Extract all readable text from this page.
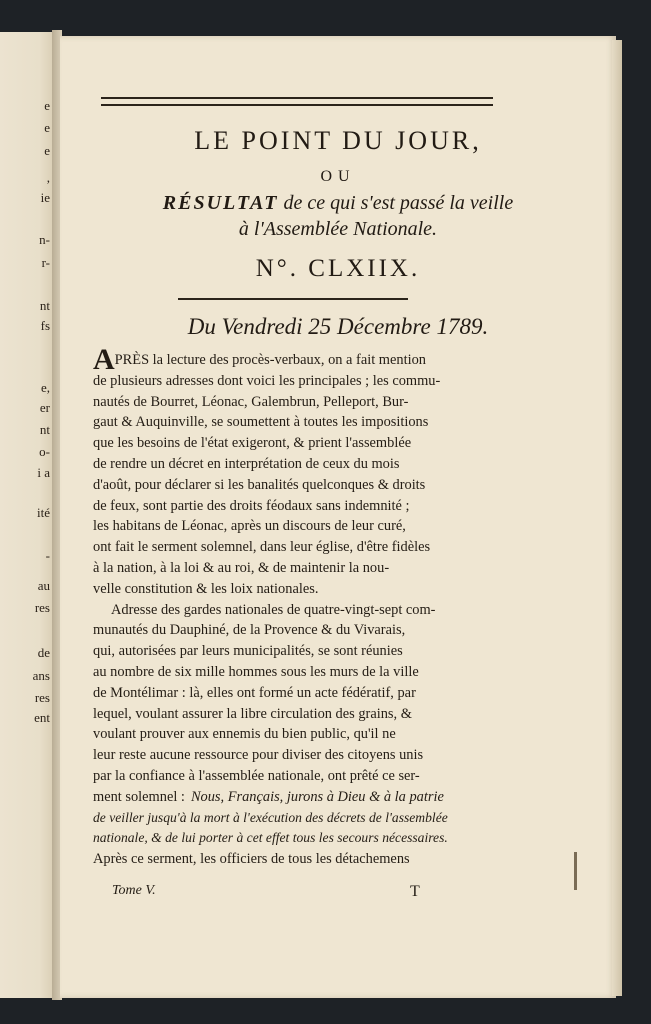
e
e
e
,
ie
n-
r-
nt
fs
e,
er
nt
o-
i a
ité
-
au
res
de
ans
res
ent
LE POINT DU JOUR,
OU
RÉSULTAT de ce qui s'est passé la veille
à l'Assemblée Nationale.
N°. CLXIIX.
Du Vendredi 25 Décembre 1789.
A PRÈS la lecture des procès-verbaux, on a fait mention
de plusieurs adresses dont voici les principales ; les commu-
nautés de Bourret, Léonac, Galembrun, Pelleport, Bur-
gaut & Auquinville, se soumettent à toutes les impositions
que les besoins de l'état exigeront, & prient l'assemblée
de rendre un décret en interprétation de ceux du mois
d'août, pour déclarer si les banalités quelconques & droits
de feux, sont partie des droits féodaux sans indemnité ;
les habitans de Léonac, après un discours de leur curé,
ont fait le serment solemnel, dans leur église, d'être fidèles
à la nation, à la loi & au roi, & de maintenir la nou-
velle constitution & les loix nationales.
Adresse des gardes nationales de quatre-vingt-sept com-
munautés du Dauphiné, de la Provence & du Vivarais,
qui, autorisées par leurs municipalités, se sont réunies
au nombre de six mille hommes sous les murs de la ville
de Montélimar : là, elles ont formé un acte fédératif, par
lequel, voulant assurer la libre circulation des grains, &
voulant prouver aux ennemis du bien public, qu'il ne
leur reste aucune ressource pour diviser des citoyens unis
par la confiance à l'assemblée nationale, ont prêté ce ser-
ment solemnel : Nous, Français, jurons à Dieu & à la patrie
de veiller jusqu'à la mort à l'exécution des décrets de l'assemblée
nationale, & de lui porter à cet effet tous les secours nécessaires.
Après ce serment, les officiers de tous les détachemens
Tome V.	T
